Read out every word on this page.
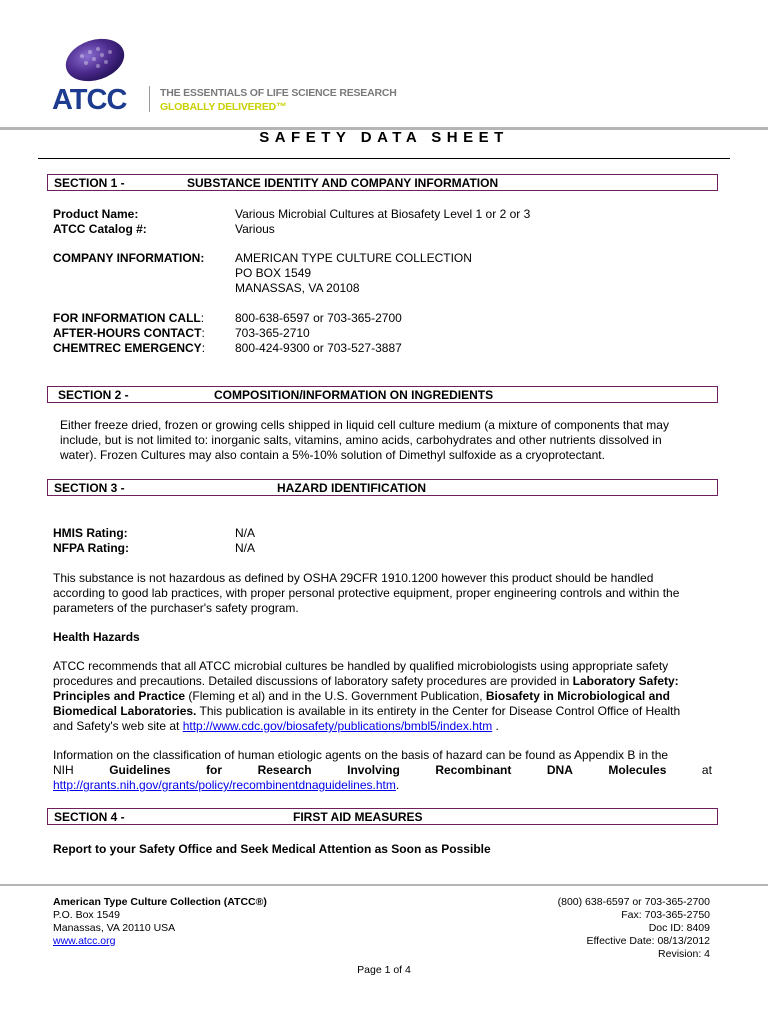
ATCC	THE ESSENTIALS OF LIFE SCIENCE RESEARCH
GLOBALLY DELIVERED™
SAFETY DATA SHEET
SECTION 1 -	SUBSTANCE IDENTITY AND COMPANY INFORMATION
Product Name:	Various Microbial Cultures at Biosafety Level 1 or 2 or 3
ATCC Catalog #:	Various
COMPANY INFORMATION:	AMERICAN TYPE CULTURE COLLECTION
PO BOX 1549
MANASSAS, VA 20108
FOR INFORMATION CALL:	800-638-6597 or 703-365-2700
AFTER-HOURS CONTACT:	703-365-2710
CHEMTREC EMERGENCY: 800-424-9300 or 703-527-3887
SECTION 2 -	COMPOSITION/INFORMATION ON INGREDIENTS
Either freeze dried, frozen or growing cells shipped in liquid cell culture medium (a mixture of components that may
include, but is not limited to: inorganic salts, vitamins, amino acids, carbohydrates and other nutrients dissolved in
water). Frozen Cultures may also contain a 5%-10% solution of Dimethyl sulfoxide as a cryoprotectant.
SECTION 3 -	HAZARD IDENTIFICATION
HMIS Rating:	N/A
NFPA Rating:	N/A
This substance is not hazardous as defined by OSHA 29CFR 1910.1200 however this product should be handled
according to good lab practices, with proper personal protective equipment, proper engineering controls and within the
parameters of the purchaser's safety program.
Health Hazards
ATCC recommends that all ATCC microbial cultures be handled by qualified microbiologists using appropriate safety
procedures and precautions. Detailed discussions of laboratory safety procedures are provided in Laboratory Safety:
Principles and Practice (Fleming et al) and in the U.S. Government Publication, Biosafety in Microbiological and
Biomedical Laboratories. This publication is available in its entirety in the Center for Disease Control Office of Health
and Safety's web site at http://www.cdc.gov/biosafety/publications/bmbl5/index.htm .
Information on the classification of human etiologic agents on the basis of hazard can be found as Appendix B in the
NIH	Guidelines	for	Research	Involving	Recombinant	DNA	Molecules	at
http://grants.nih.gov/grants/policy/recombinentdnaguidelines.htm.
SECTION 4 -	FIRST AID MEASURES
Report to your Safety Office and Seek Medical Attention as Soon as Possible
American Type Culture Collection (ATCC®)
P.O. Box 1549
Manassas, VA 20110 USA
www.atcc.org
(800) 638-6597 or 703-365-2700
Fax: 703-365-2750
Doc ID: 8409
Effective Date: 08/13/2012
Revision: 4
Page 1 of 4
